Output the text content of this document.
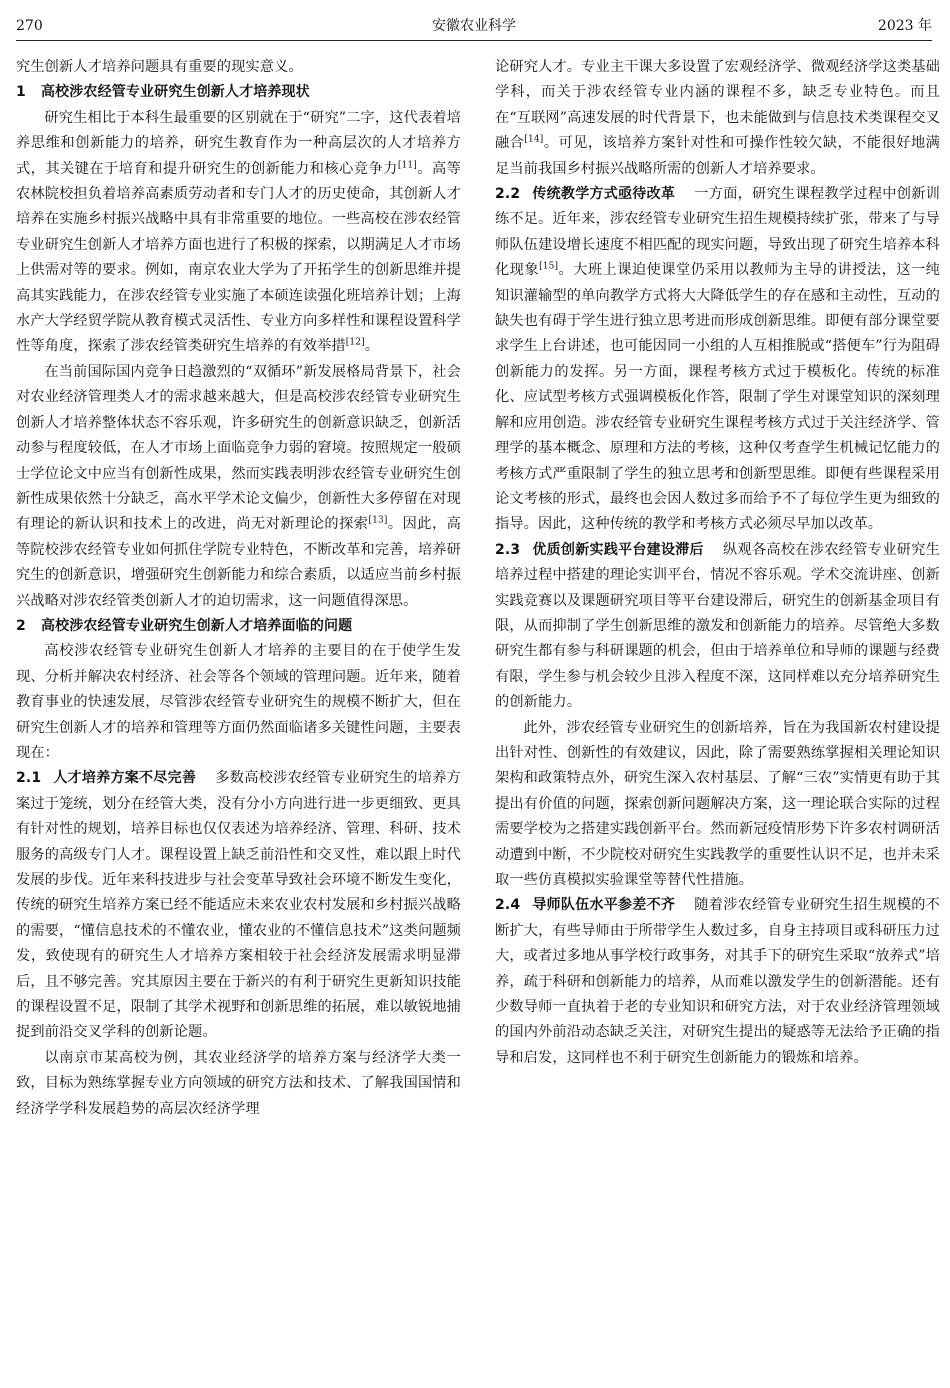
270	安徽农业科学	2023 年

究生创新人才培养问题具有重要的现实意义。

1 高校涉农经管专业研究生创新人才培养现状

研究生相比于本科生最重要的区别就在于“研究”二字，这代表着培养思维和创新能力的培养，研究生教育作为一种高层次的人才培养方式，其关键在于培育和提升研究生的创新能力和核心竞争力[11]。高等农林院校担负着培养高素质劳动者和专门人才的历史使命，其创新人才培养在实施乡村振兴战略中具有非常重要的地位。一些高校在涉农经管专业研究生创新人才培养方面也进行了积极的探索，以期满足人才市场上供需对等的要求。例如，南京农业大学为了开拓学生的创新思维并提高其实践能力，在涉农经管专业实施了本硕连读强化班培养计划；上海水产大学经贸学院从教育模式灵活性、专业方向多样性和课程设置科学性等角度，探索了涉农经管类研究生培养的有效举措[12]。

在当前国际国内竞争日趋激烈的“双循环”新发展格局背景下，社会对农业经济管理类人才的需求越来越大，但是高校涉农经管专业研究生创新人才培养整体状态不容乐观，许多研究生的创新意识缺乏，创新活动参与程度较低，在人才市场上面临竞争力弱的窘境。按照规定一般硕士学位论文中应当有创新性成果，然而实践表明涉农经管专业研究生创新性成果依然十分缺乏，高水平学术论文偏少，创新性大多停留在对现有理论的新认识和技术上的改进，尚无对新理论的探索[13]。因此，高等院校涉农经管专业如何抓住学院专业特色，不断改革和完善，培养研究生的创新意识，增强研究生创新能力和综合素质，以适应当前乡村振兴战略对涉农经管类创新人才的迫切需求，这一问题值得深思。

2 高校涉农经管专业研究生创新人才培养面临的问题

高校涉农经管专业研究生创新人才培养的主要目的在于使学生发现、分析并解决农村经济、社会等各个领域的管理问题。近年来，随着教育事业的快速发展，尽管涉农经管专业研究生的规模不断扩大，但在研究生创新人才的培养和管理等方面仍然面临诸多关键性问题，主要表现在：

2.1 人才培养方案不尽完善 多数高校涉农经管专业研究生的培养方案过于笼统，划分在经管大类，没有分小方向进行进一步更细致、更具有针对性的规划，培养目标也仅仅表述为培养经济、管理、科研、技术服务的高级专门人才。课程设置上缺乏前沿性和交叉性，难以跟上时代发展的步伐。近年来科技进步与社会变革导致社会环境不断发生变化，传统的研究生培养方案已经不能适应未来农业农村发展和乡村振兴战略的需要，“懂信息技术的不懂农业，懂农业的不懂信息技术”这类问题频发，致使现有的研究生人才培养方案相较于社会经济发展需求明显滞后，且不够完善。究其原因主要在于新兴的有利于研究生更新知识技能的课程设置不足，限制了其学术视野和创新思维的拓展，难以敏锐地捕捉到前沿交叉学科的创新论题。

以南京市某高校为例，其农业经济学的培养方案与经济学大类一致，目标为熟练掌握专业方向领域的研究方法和技术、了解我国国情和经济学学科发展趋势的高层次经济学理

论研究人才。专业主干课大多设置了宏观经济学、微观经济学这类基础学科，而关于涉农经管专业内涵的课程不多，缺乏专业特色。而且在“互联网”高速发展的时代背景下，也未能做到与信息技术类课程交叉融合[14]。可见，该培养方案针对性和可操作性较欠缺，不能很好地满足当前我国乡村振兴战略所需的创新人才培养要求。

2.2 传统教学方式亟待改革 一方面，研究生课程教学过程中创新训练不足。近年来，涉农经管专业研究生招生规模持续扩张，带来了与导师队伍建设增长速度不相匹配的现实问题，导致出现了研究生培养本科化现象[15]。大班上课迫使课堂仍采用以教师为主导的讲授法，这一纯知识灌输型的单向教学方式将大大降低学生的存在感和主动性，互动的缺失也有碍于学生进行独立思考进而形成创新思维。即便有部分课堂要求学生上台讲述，也可能因同一小组的人互相推脱或“搭便车”行为阻碍创新能力的发挥。另一方面，课程考核方式过于模板化。传统的标准化、应试型考核方式强调模板化作答，限制了学生对课堂知识的深刻理解和应用创造。涉农经管专业研究生课程考核方式过于关注经济学、管理学的基本概念、原理和方法的考核，这种仅考查学生机械记忆能力的考核方式严重限制了学生的独立思考和创新型思维。即便有些课程采用论文考核的形式，最终也会因人数过多而给予不了每位学生更为细致的指导。因此，这种传统的教学和考核方式必须尽早加以改革。

2.3 优质创新实践平台建设滞后 纵观各高校在涉农经管专业研究生培养过程中搭建的理论实训平台，情况不容乐观。学术交流讲座、创新实践竞赛以及课题研究项目等平台建设滞后，研究生的创新基金项目有限，从而抑制了学生创新思维的激发和创新能力的培养。尽管绝大多数研究生都有参与科研课题的机会，但由于培养单位和导师的课题与经费有限，学生参与机会较少且涉入程度不深，这同样难以充分培养研究生的创新能力。

此外，涉农经管专业研究生的创新培养，旨在为我国新农村建设提出针对性、创新性的有效建议，因此，除了需要熟练掌握相关理论知识架构和政策特点外，研究生深入农村基层、了解“三农”实情更有助于其提出有价值的问题，探索创新问题解决方案，这一理论联合实际的过程需要学校为之搭建实践创新平台。然而新冠疫情形势下许多农村调研活动遭到中断，不少院校对研究生实践教学的重要性认识不足，也并未采取一些仿真模拟实验课堂等替代性措施。

2.4 导师队伍水平参差不齐 随着涉农经管专业研究生招生规模的不断扩大，有些导师由于所带学生人数过多，自身主持项目或科研压力过大，或者过多地从事学校行政事务，对其手下的研究生采取“放养式”培养，疏于科研和创新能力的培养，从而难以激发学生的创新潜能。还有少数导师一直执着于老的专业知识和研究方法，对于农业经济管理领域的国内外前沿动态缺乏关注，对研究生提出的疑惑等无法给予正确的指导和启发，这同样也不利于研究生创新能力的锻炼和培养。
